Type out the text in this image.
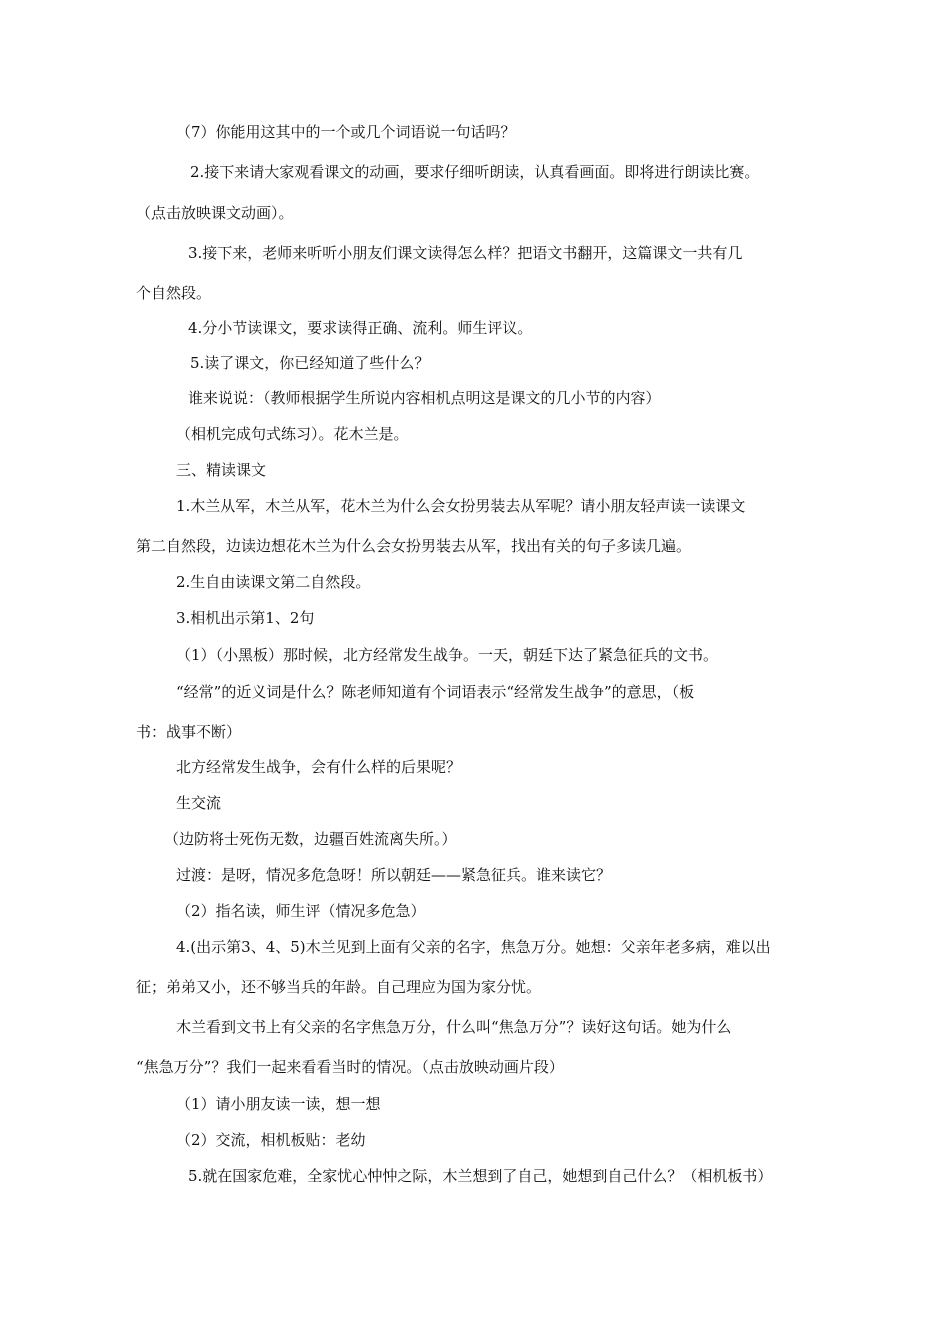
（7）你能用这其中的一个或几个词语说一句话吗？
2.接下来请大家观看课文的动画，要求仔细听朗读，认真看画面。即将进行朗读比赛。
（点击放映课文动画）。
3.接下来，老师来听听小朋友们课文读得怎么样？把语文书翻开，这篇课文一共有几
个自然段。
4.分小节读课文，要求读得正确、流利。师生评议。
5.读了课文，你已经知道了些什么？
谁来说说：（教师根据学生所说内容相机点明这是课文的几小节的内容）
（相机完成句式练习）。花木兰是。
三、精读课文
1.木兰从军，木兰从军，花木兰为什么会女扮男装去从军呢？请小朋友轻声读一读课文
第二自然段，边读边想花木兰为什么会女扮男装去从军，找出有关的句子多读几遍。
2.生自由读课文第二自然段。
3.相机出示第1、2句
（1）（小黑板）那时候，北方经常发生战争。一天，朝廷下达了紧急征兵的文书。
“经常”的近义词是什么？陈老师知道有个词语表示“经常发生战争”的意思，（板
书：战事不断）
北方经常发生战争，会有什么样的后果呢？
生交流
（边防将士死伤无数，边疆百姓流离失所。）
过渡：是呀，情况多危急呀！所以朝廷——紧急征兵。谁来读它？
（2）指名读，师生评（情况多危急）
4.(出示第3、4、5)木兰见到上面有父亲的名字，焦急万分。她想：父亲年老多病，难以出
征；弟弟又小，还不够当兵的年龄。自己理应为国为家分忧。
木兰看到文书上有父亲的名字焦急万分，什么叫“焦急万分”？读好这句话。她为什么
“焦急万分”？我们一起来看看当时的情况。（点击放映动画片段）
（1）请小朋友读一读，想一想
（2）交流，相机板贴：老幼
5.就在国家危难，全家忧心忡忡之际，木兰想到了自己，她想到自己什么？（相机板书）
